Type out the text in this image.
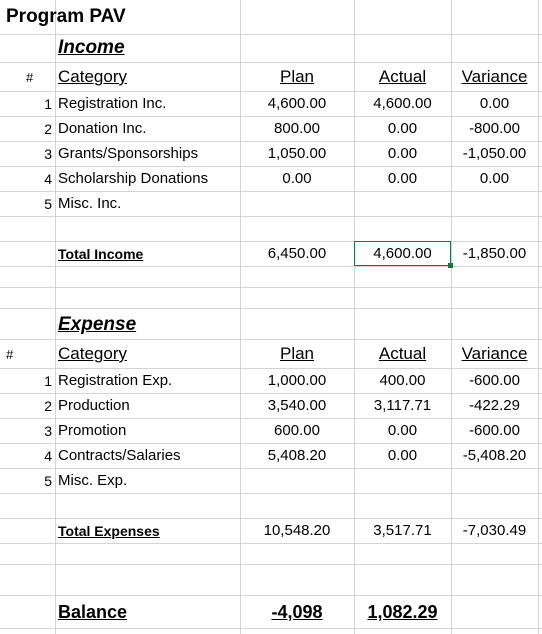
Program PAV
Income
# Category	Plan	Actual	Variance
1 Registration Inc.	4,600.00	4,600.00	0.00
2 Donation Inc.	800.00	0.00	-800.00
3 Grants/Sponsorships	1,050.00	0.00	-1,050.00
4 Scholarship Donations	0.00	0.00	0.00
5 Misc. Inc.
Total Income	6,450.00	4,600.00	-1,850.00
Expense
#	Category	Plan	Actual	Variance
1 Registration Exp.	1,000.00	400.00	-600.00
2 Production	3,540.00	3,117.71	-422.29
3 Promotion	600.00	0.00	-600.00
4 Contracts/Salaries	5,408.20	0.00	-5,408.20
5 Misc. Exp.
Total Expenses	10,548.20	3,517.71	-7,030.49
Balance	-4,098	1,082.29
